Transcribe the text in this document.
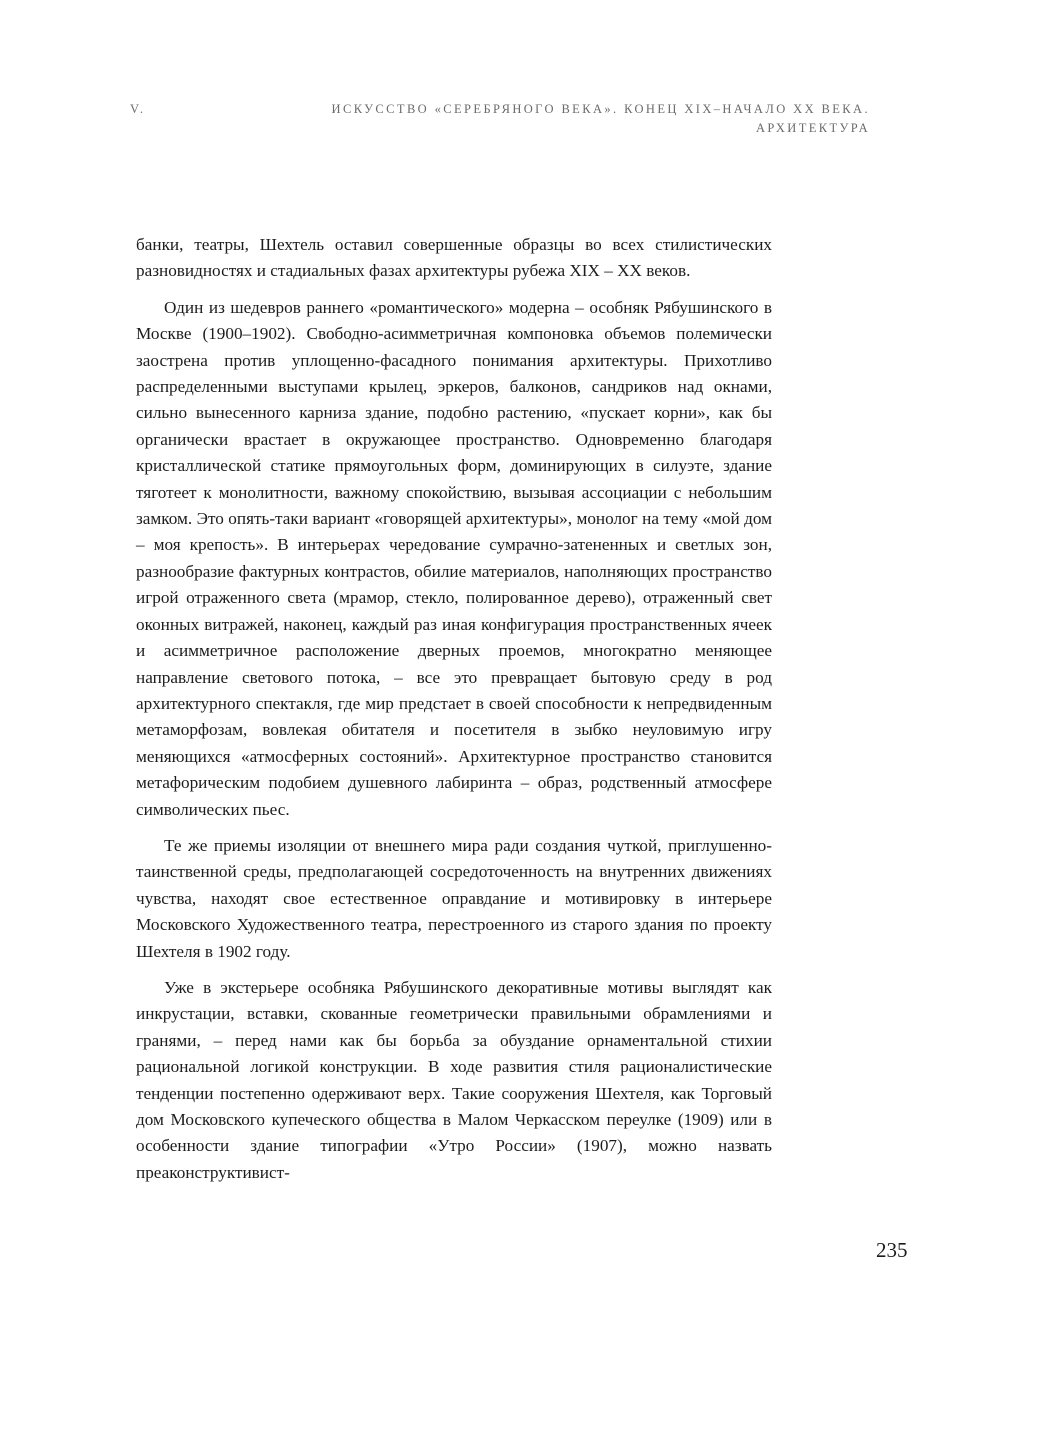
V.	ИСКУССТВО «СЕРЕБРЯНОГО ВЕКА». КОНЕЦ XIX–НАЧАЛО XX ВЕКА. АРХИТЕКТУРА

банки, театры, Шехтель оставил совершенные образцы во всех стилистических разновидностях и стадиальных фазах архитектуры рубежа XIX – XX веков.

Один из шедевров раннего «романтического» модерна – особняк Рябушинского в Москве (1900–1902). Свободно-асимметричная компоновка объемов полемически заострена против уплощенно-фасадного понимания архитектуры. Прихотливо распределенными выступами крылец, эркеров, балконов, сандриков над окнами, сильно вынесенного карниза здание, подобно растению, «пускает корни», как бы органически врастает в окружающее пространство. Одновременно благодаря кристаллической статике прямоугольных форм, доминирующих в силуэте, здание тяготеет к монолитности, важному спокойствию, вызывая ассоциации с небольшим замком. Это опять-таки вариант «говорящей архитектуры», монолог на тему «мой дом – моя крепость». В интерьерах чередование сумрачно-затененных и светлых зон, разнообразие фактурных контрастов, обилие материалов, наполняющих пространство игрой отраженного света (мрамор, стекло, полированное дерево), отраженный свет оконных витражей, наконец, каждый раз иная конфигурация пространственных ячеек и асимметричное расположение дверных проемов, многократно меняющее направление светового потока, – все это превращает бытовую среду в род архитектурного спектакля, где мир предстает в своей способности к непредвиденным метаморфозам, вовлекая обитателя и посетителя в зыбко неуловимую игру меняющихся «атмосферных состояний». Архитектурное пространство становится метафорическим подобием душевного лабиринта – образ, родственный атмосфере символических пьес.

Те же приемы изоляции от внешнего мира ради создания чуткой, приглушенно-таинственной среды, предполагающей сосредоточенность на внутренних движениях чувства, находят свое естественное оправдание и мотивировку в интерьере Московского Художественного театра, перестроенного из старого здания по проекту Шехтеля в 1902 году.

Уже в экстерьере особняка Рябушинского декоративные мотивы выглядят как инкрустации, вставки, скованные геометрически правильными обрамлениями и гранями, – перед нами как бы борьба за обуздание орнаментальной стихии рациональной логикой конструкции. В ходе развития стиля рационалистические тенденции постепенно одерживают верх. Такие сооружения Шехтеля, как Торговый дом Московского купеческого общества в Малом Черкасском переулке (1909) или в особенности здание типографии «Утро России» (1907), можно назвать преаконструктивист-

235
